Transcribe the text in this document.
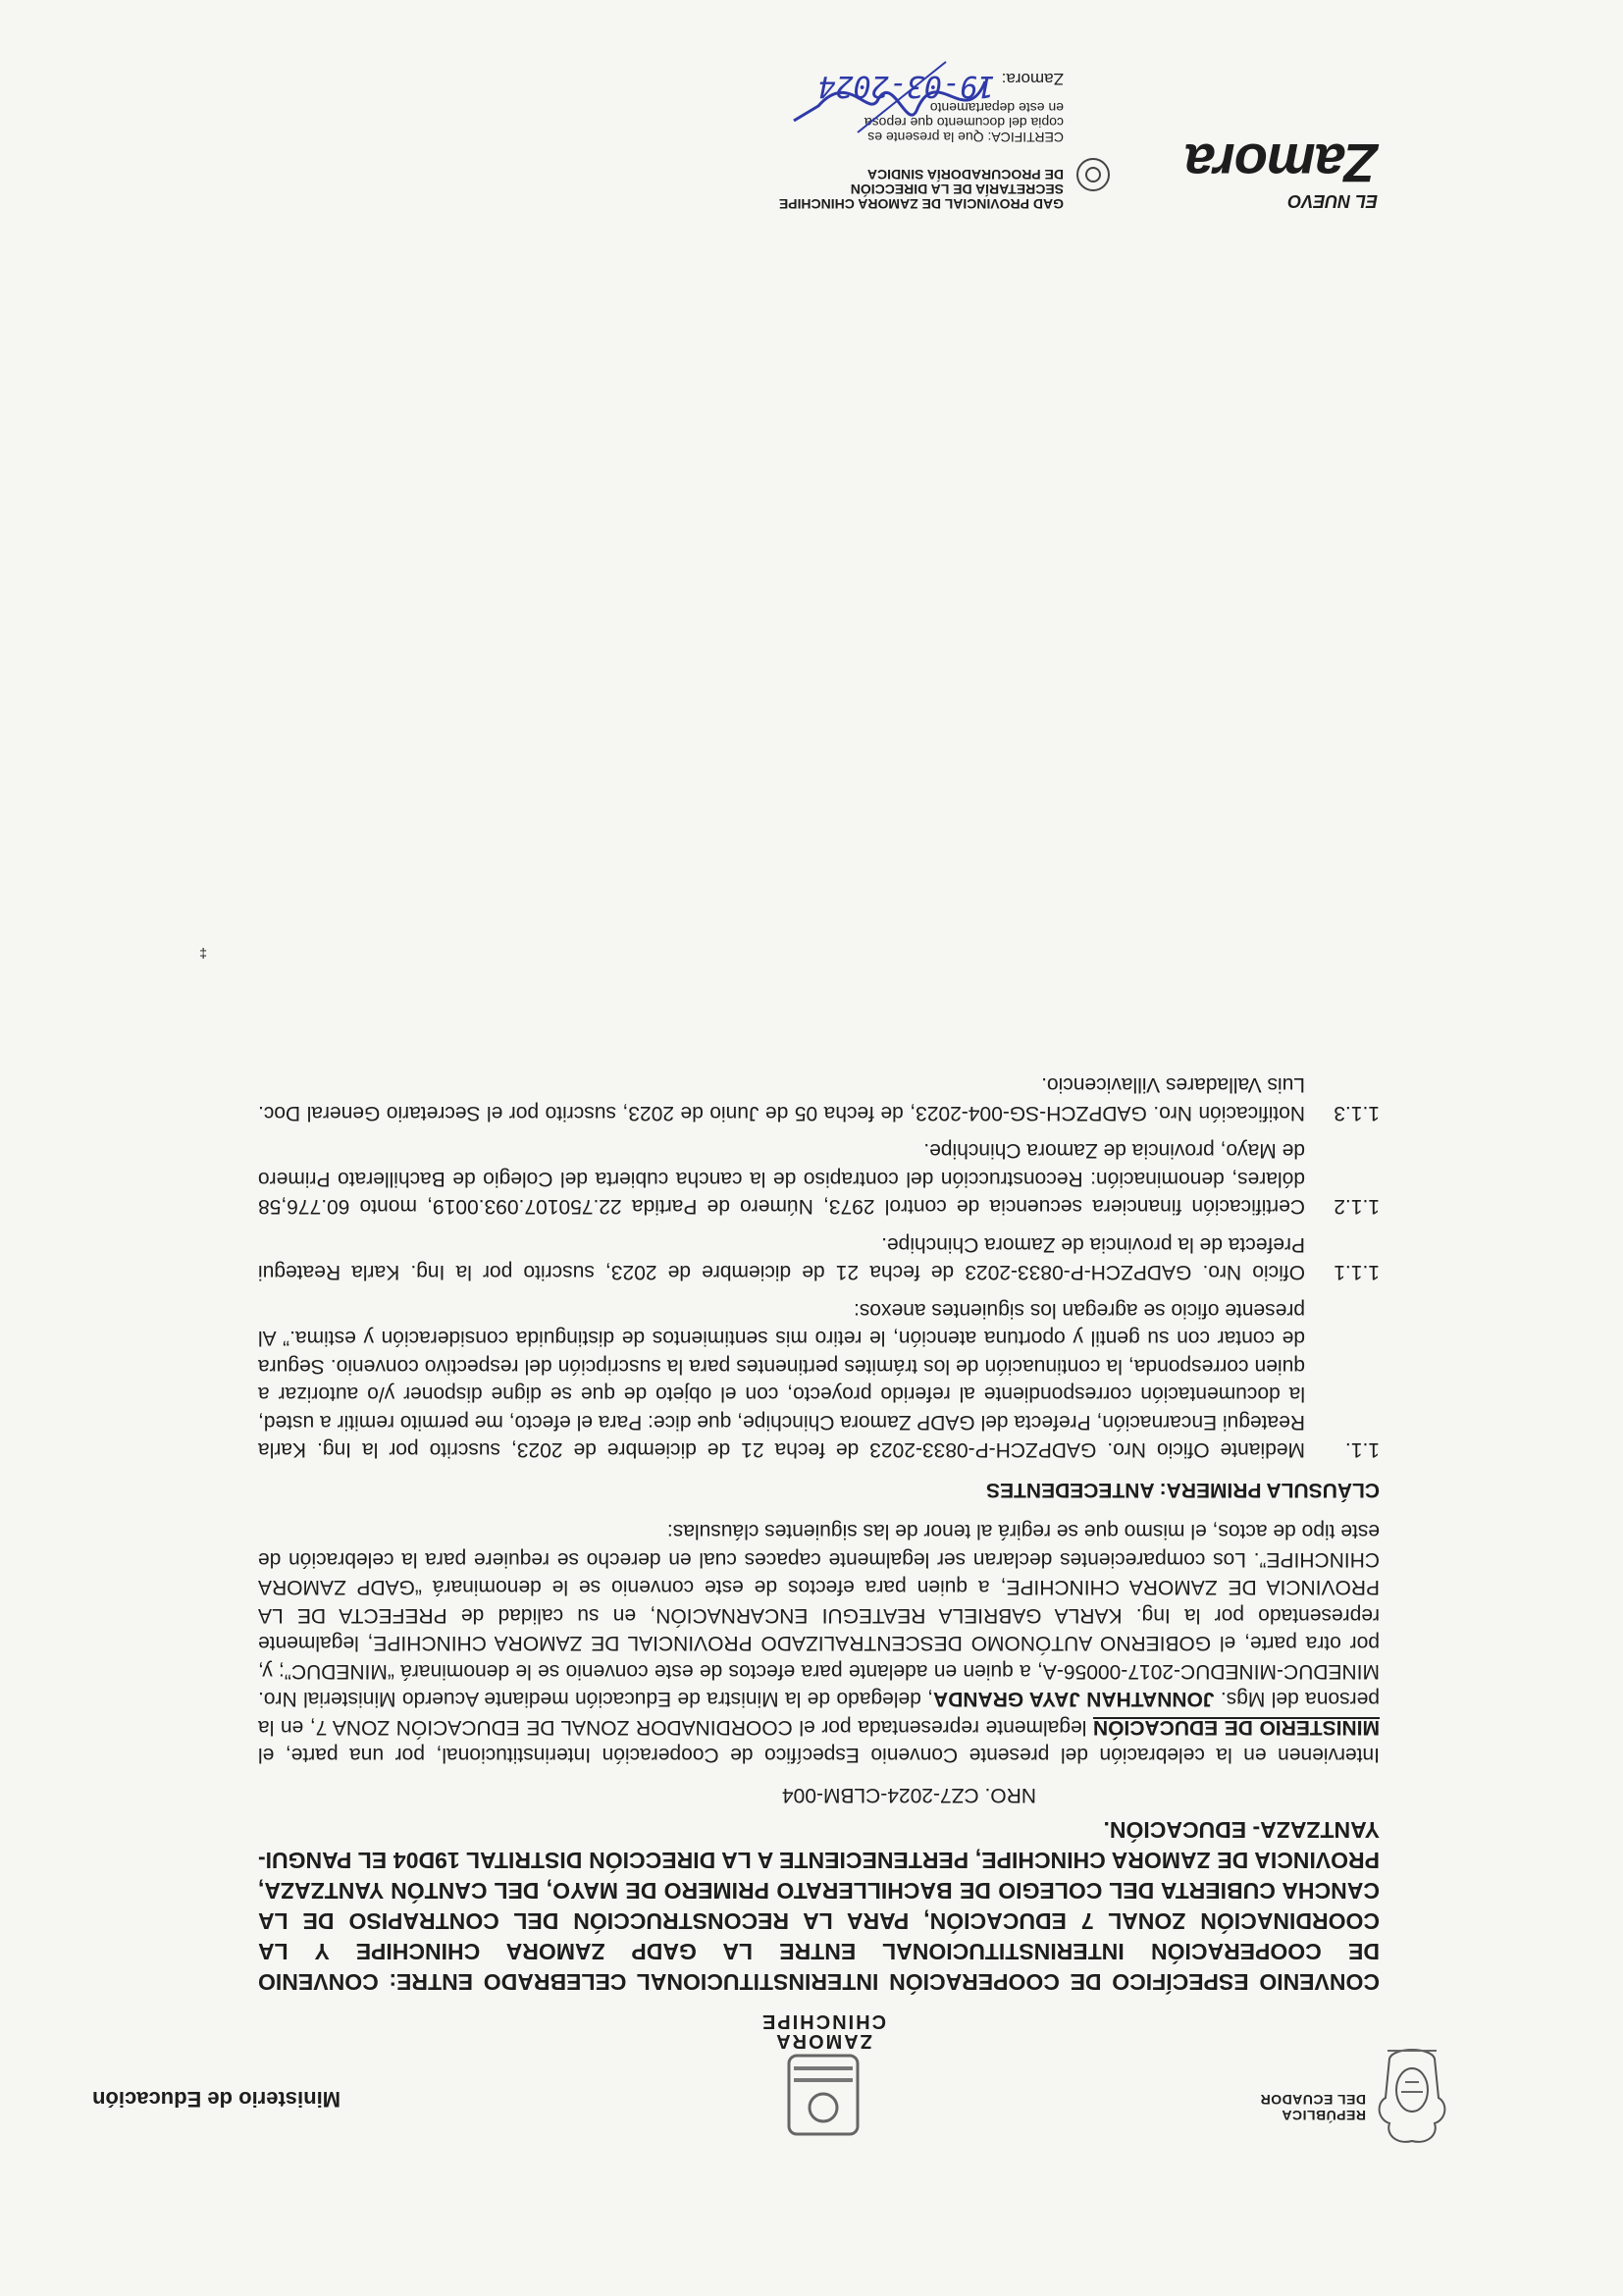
REPÚBLICA
DEL ECUADOR
ZAMORA
CHINCHIPE
Ministerio de Educación
CONVENIO ESPECÍFICO DE COOPERACIÓN INTERINSTITUCIONAL CELEBRADO ENTRE: CONVENIO DE COOPERACIÓN INTERINSTITUCIONAL ENTRE LA GADP ZAMORA CHINCHIPE Y LA COORDINACIÓN ZONAL 7 EDUCACIÓN, PARA LA RECONSTRUCCIÓN DEL CONTRAPISO DE LA CANCHA CUBIERTA DEL COLEGIO DE BACHILLERATO PRIMERO DE MAYO, DEL CANTÓN YANTZAZA, PROVINCIA DE ZAMORA CHINCHIPE, PERTENECIENTE A LA DIRECCIÓN DISTRITAL 19D04 EL PANGUI-YANTZAZA- EDUCACIÓN.
NRO. CZ7-2024-CLBM-004

Intervienen en la celebración del presente Convenio Específico de Cooperación Interinstitucional, por una parte, el MINISTERIO DE EDUCACIÓN legalmente representada por el COORDINADOR ZONAL DE EDUCACIÓN ZONA 7, en la persona del Mgs. JONNATHAN JAYA GRANDA, delegado de la Ministra de Educación mediante Acuerdo Ministerial Nro. MINEDUC-MINEDUC-2017-00056-A, a quien en adelante para efectos de este convenio se le denominará “MINEDUC”; y, por otra parte, el GOBIERNO AUTÓNOMO DESCENTRALIZADO PROVINCIAL DE ZAMORA CHINCHIPE, legalmente representado por la Ing. KARLA GABRIELA REATEGUI ENCARNACIÓN, en su calidad de PREFECTA DE LA PROVINCIA DE ZAMORA CHINCHIPE, a quien para efectos de este convenio se le denominará “GADP ZAMORA CHINCHIPE”. Los comparecientes declaran ser legalmente capaces cual en derecho se requiere para la celebración de este tipo de actos, el mismo que se regirá al tenor de las siguientes cláusulas:

CLÁUSULA PRIMERA: ANTECEDENTES
1.1.
Mediante Oficio Nro. GADPZCH-P-0833-2023 de fecha 21 de diciembre de 2023, suscrito por la Ing. Karla Reategui Encarnación, Prefecta del GADP Zamora Chinchipe, que dice: Para el efecto, me permito remitir a usted, la documentación correspondiente al referido proyecto, con el objeto de que se digne disponer y/o autorizar a quien corresponda, la continuación de los trámites pertinentes para la suscripción del respectivo convenio. Segura de contar con su gentil y oportuna atención, le retiro mis sentimientos de distinguida consideración y estima.” Al presente oficio se agregan los siguientes anexos:
1.1.1
Oficio Nro. GADPZCH-P-0833-2023 de fecha 21 de diciembre de 2023, suscrito por la Ing. Karla Reategui Prefecta de la provincia de Zamora Chinchipe.
1.1.2
Certificación financiera secuencia de control 2973, Número de Partida 22.750107.093.0019, monto 60.776,58 dólares, denominación: Reconstrucción del contrapiso de la cancha cubierta del Colegio de Bachillerato Primero de Mayo, provincia de Zamora Chinchipe.
1.1.3
Notificación Nro. GADPZCH-SG-004-2023, de fecha 05 de Junio de 2023, suscrito por el Secretario General Doc. Luis Valladares Villavicencio.
EL NUEVO
Zamora
GAD PROVINCIAL DE ZAMORA CHINCHIPE
SECRETARÍA DE LA DIRECCIÓN
DE PROCURADORÍA SINDICA
CERTIFICA: Que la presente es
copia del documento que reposa
en este departamento
Zamora:
19-03-2024
‡
